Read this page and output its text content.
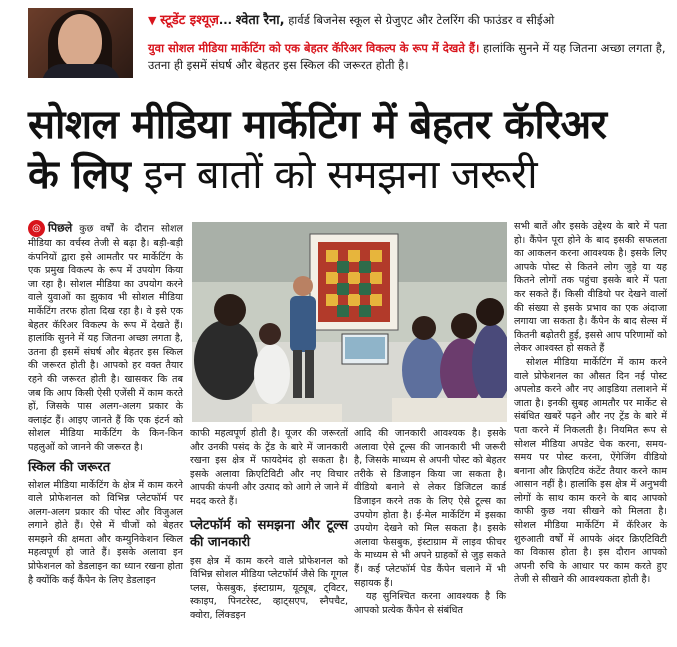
▼ स्टूडेंट इश्यूज़... श्वेता रैना, हार्वर्ड बिजनेस स्कूल से ग्रेजुएट और टेलरिंग की फाउंडर व सीईओ
युवा सोशल मीडिया मार्केटिंग को एक बेहतर कॅरिअर विकल्प के रूप में देखते हैं। हालांकि सुनने में यह जितना अच्छा लगता है, उतना ही इसमें संघर्ष और बेहतर इस स्किल की जरूरत होती है।
सोशल मीडिया मार्केटिंग में बेहतर कॅरिअर
के लिए इन बातों को समझना जरूरी
◎ पिछले कुछ वर्षों के दौरान सोशल मीडिया का वर्चस्व तेजी से बढ़ा है। बड़ी-बड़ी कंपनियों द्वारा इसे आमतौर पर मार्केटिंग के एक प्रमुख विकल्प के रूप में उपयोग किया जा रहा है। सोशल मीडिया का उपयोग करने वाले युवाओं का झुकाव भी सोशल मीडिया मार्केटिंग तरफ होता दिख रहा है। वे इसे एक बेहतर कॅरिअर विकल्प के रूप में देखते हैं। हालांकि सुनने में यह जितना अच्छा लगता है, उतना ही इसमें संघर्ष और बेहतर इस स्किल की जरूरत होती है। आपको हर वक्त तैयार रहने की जरूरत होती है। खासकर कि तब जब कि आप किसी ऐसी एजेंसी में काम करते हों, जिसके पास अलग-अलग प्रकार के क्लाइंट हैं। आइए जानते हैं कि एक इंटर्न को सोशल मीडिया मार्केटिंग के किन-किन पहलुओं को जानने की जरूरत है।
स्किल की जरूरत
सोशल मीडिया मार्केटिंग के क्षेत्र में काम करने वाले प्रोफेशनल को विभिन्न प्लेटफॉर्म पर अलग-अलग प्रकार की पोस्ट और विजुअल लगाने होते हैं। ऐसे में चीजों को बेहतर समझने की क्षमता और कम्युनिकेशन स्किल महत्वपूर्ण हो जाते हैं। इसके अलावा इन प्रोफेशनल को डेडलाइन का ध्यान रखना होता है क्योंकि कई कैंपेन के लिए डेडलाइन
काफी महत्वपूर्ण होती है। यूजर की जरूरतों और उनकी पसंद के ट्रेंड के बारे में जानकारी रखना इस क्षेत्र में फायदेमंद हो सकता है। इसके अलावा क्रिएटिविटी और नए विचार आपकी कंपनी और उत्पाद को आगे ले जाने में मदद करते हैं।
प्लेटफॉर्म को समझना और टूल्स की जानकारी
इस क्षेत्र में काम करने वाले प्रोफेशनल को विभिन्न सोशल मीडिया प्लेटफॉर्म जैसे कि गूगल प्लस, फेसबुक, इंस्टाग्राम, यूट्यूब, ट्विटर, स्काइप, पिनटरेस्ट, व्हाट्सएप, स्नैपचैट, क्वोरा, लिंक्डइन
आदि की जानकारी आवश्यक है। इसके अलावा ऐसे टूल्स की जानकारी भी जरूरी है, जिसके माध्यम से अपनी पोस्ट को बेहतर तरीके से डिजाइन किया जा सकता है। वीडियो बनाने से लेकर डिजिटल कार्ड डिजाइन करने तक के लिए ऐसे टूल्स का उपयोग होता है। ई-मेल मार्केटिंग में इसका उपयोग देखने को मिल सकता है। इसके अलावा फेसबुक, इंस्टाग्राम में लाइव फीचर के माध्यम से भी अपने ग्राहकों से जुड़ सकते हैं। कई प्लेटफॉर्म पेड कैंपेन चलाने में भी सहायक हैं।
यह सुनिश्चित करना आवश्यक है कि आपको प्रत्येक कैंपेन से संबंधित
सभी बातें और इसके उद्देश्य के बारे में पता हो। कैंपेन पूरा होने के बाद इसकी सफलता का आकलन करना आवश्यक है। इसके लिए आपके पोस्ट से कितने लोग जुड़े या यह कितने लोगों तक पहुंचा इसके बारे में पता कर सकते हैं। किसी वीडियो पर देखने वालों की संख्या से इसके प्रभाव का एक अंदाजा लगाया जा सकता है। कैंपेन के बाद सेल्स में कितनी बढ़ोतरी हुई, इससे आप परिणामों को लेकर आश्वस्त हो सकते हैं
सोशल मीडिया मार्केटिंग में काम करने वाले प्रोफेशनल का औसत दिन नई पोस्ट अपलोड करने और नए आइडिया तलाशने में जाता है। इनकी सुबह आमतौर पर मार्केट से संबंधित खबरें पढ़ने और नए ट्रेंड के बारे में पता करने में निकलती है। नियमित रूप से सोशल मीडिया अपडेट चेक करना, समय-समय पर पोस्ट करना, ऐंगेजिंग वीडियो बनाना और क्रिएटिव कंटेंट तैयार करने काम आसान नहीं है। हालांकि इस क्षेत्र में अनुभवी लोगों के साथ काम करने के बाद आपको काफी कुछ नया सीखने को मिलता है। सोशल मीडिया मार्केटिंग में कॅरिअर के शुरुआती वर्षों में आपके अंदर क्रिएटिविटी का विकास होता है। इस दौरान आपको अपनी रुचि के आधार पर काम करते हुए तेजी से सीखने की आवश्यकता होती है।
